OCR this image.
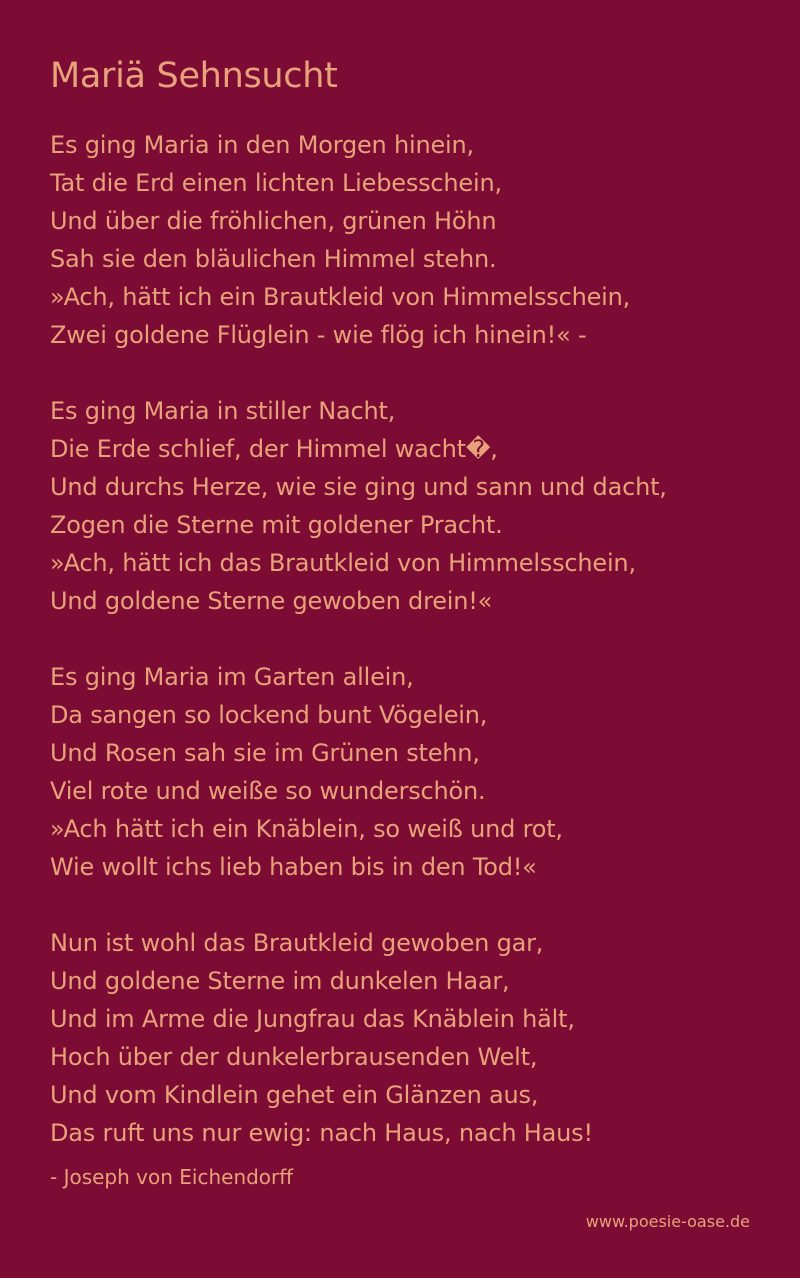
Mariä Sehnsucht
Es ging Maria in den Morgen hinein,
Tat die Erd einen lichten Liebesschein,
Und über die fröhlichen, grünen Höhn
Sah sie den bläulichen Himmel stehn.
»Ach, hätt ich ein Brautkleid von Himmelsschein,
Zwei goldene Flüglein - wie flög ich hinein!« -
Es ging Maria in stiller Nacht,
Die Erde schlief, der Himmel wacht�,
Und durchs Herze, wie sie ging und sann und dacht,
Zogen die Sterne mit goldener Pracht.
»Ach, hätt ich das Brautkleid von Himmelsschein,
Und goldene Sterne gewoben drein!«
Es ging Maria im Garten allein,
Da sangen so lockend bunt Vögelein,
Und Rosen sah sie im Grünen stehn,
Viel rote und weiße so wunderschön.
»Ach hätt ich ein Knäblein, so weiß und rot,
Wie wollt ichs lieb haben bis in den Tod!«
Nun ist wohl das Brautkleid gewoben gar,
Und goldene Sterne im dunkelen Haar,
Und im Arme die Jungfrau das Knäblein hält,
Hoch über der dunkelerbrausenden Welt,
Und vom Kindlein gehet ein Glänzen aus,
Das ruft uns nur ewig: nach Haus, nach Haus!
- Joseph von Eichendorff
www.poesie-oase.de
